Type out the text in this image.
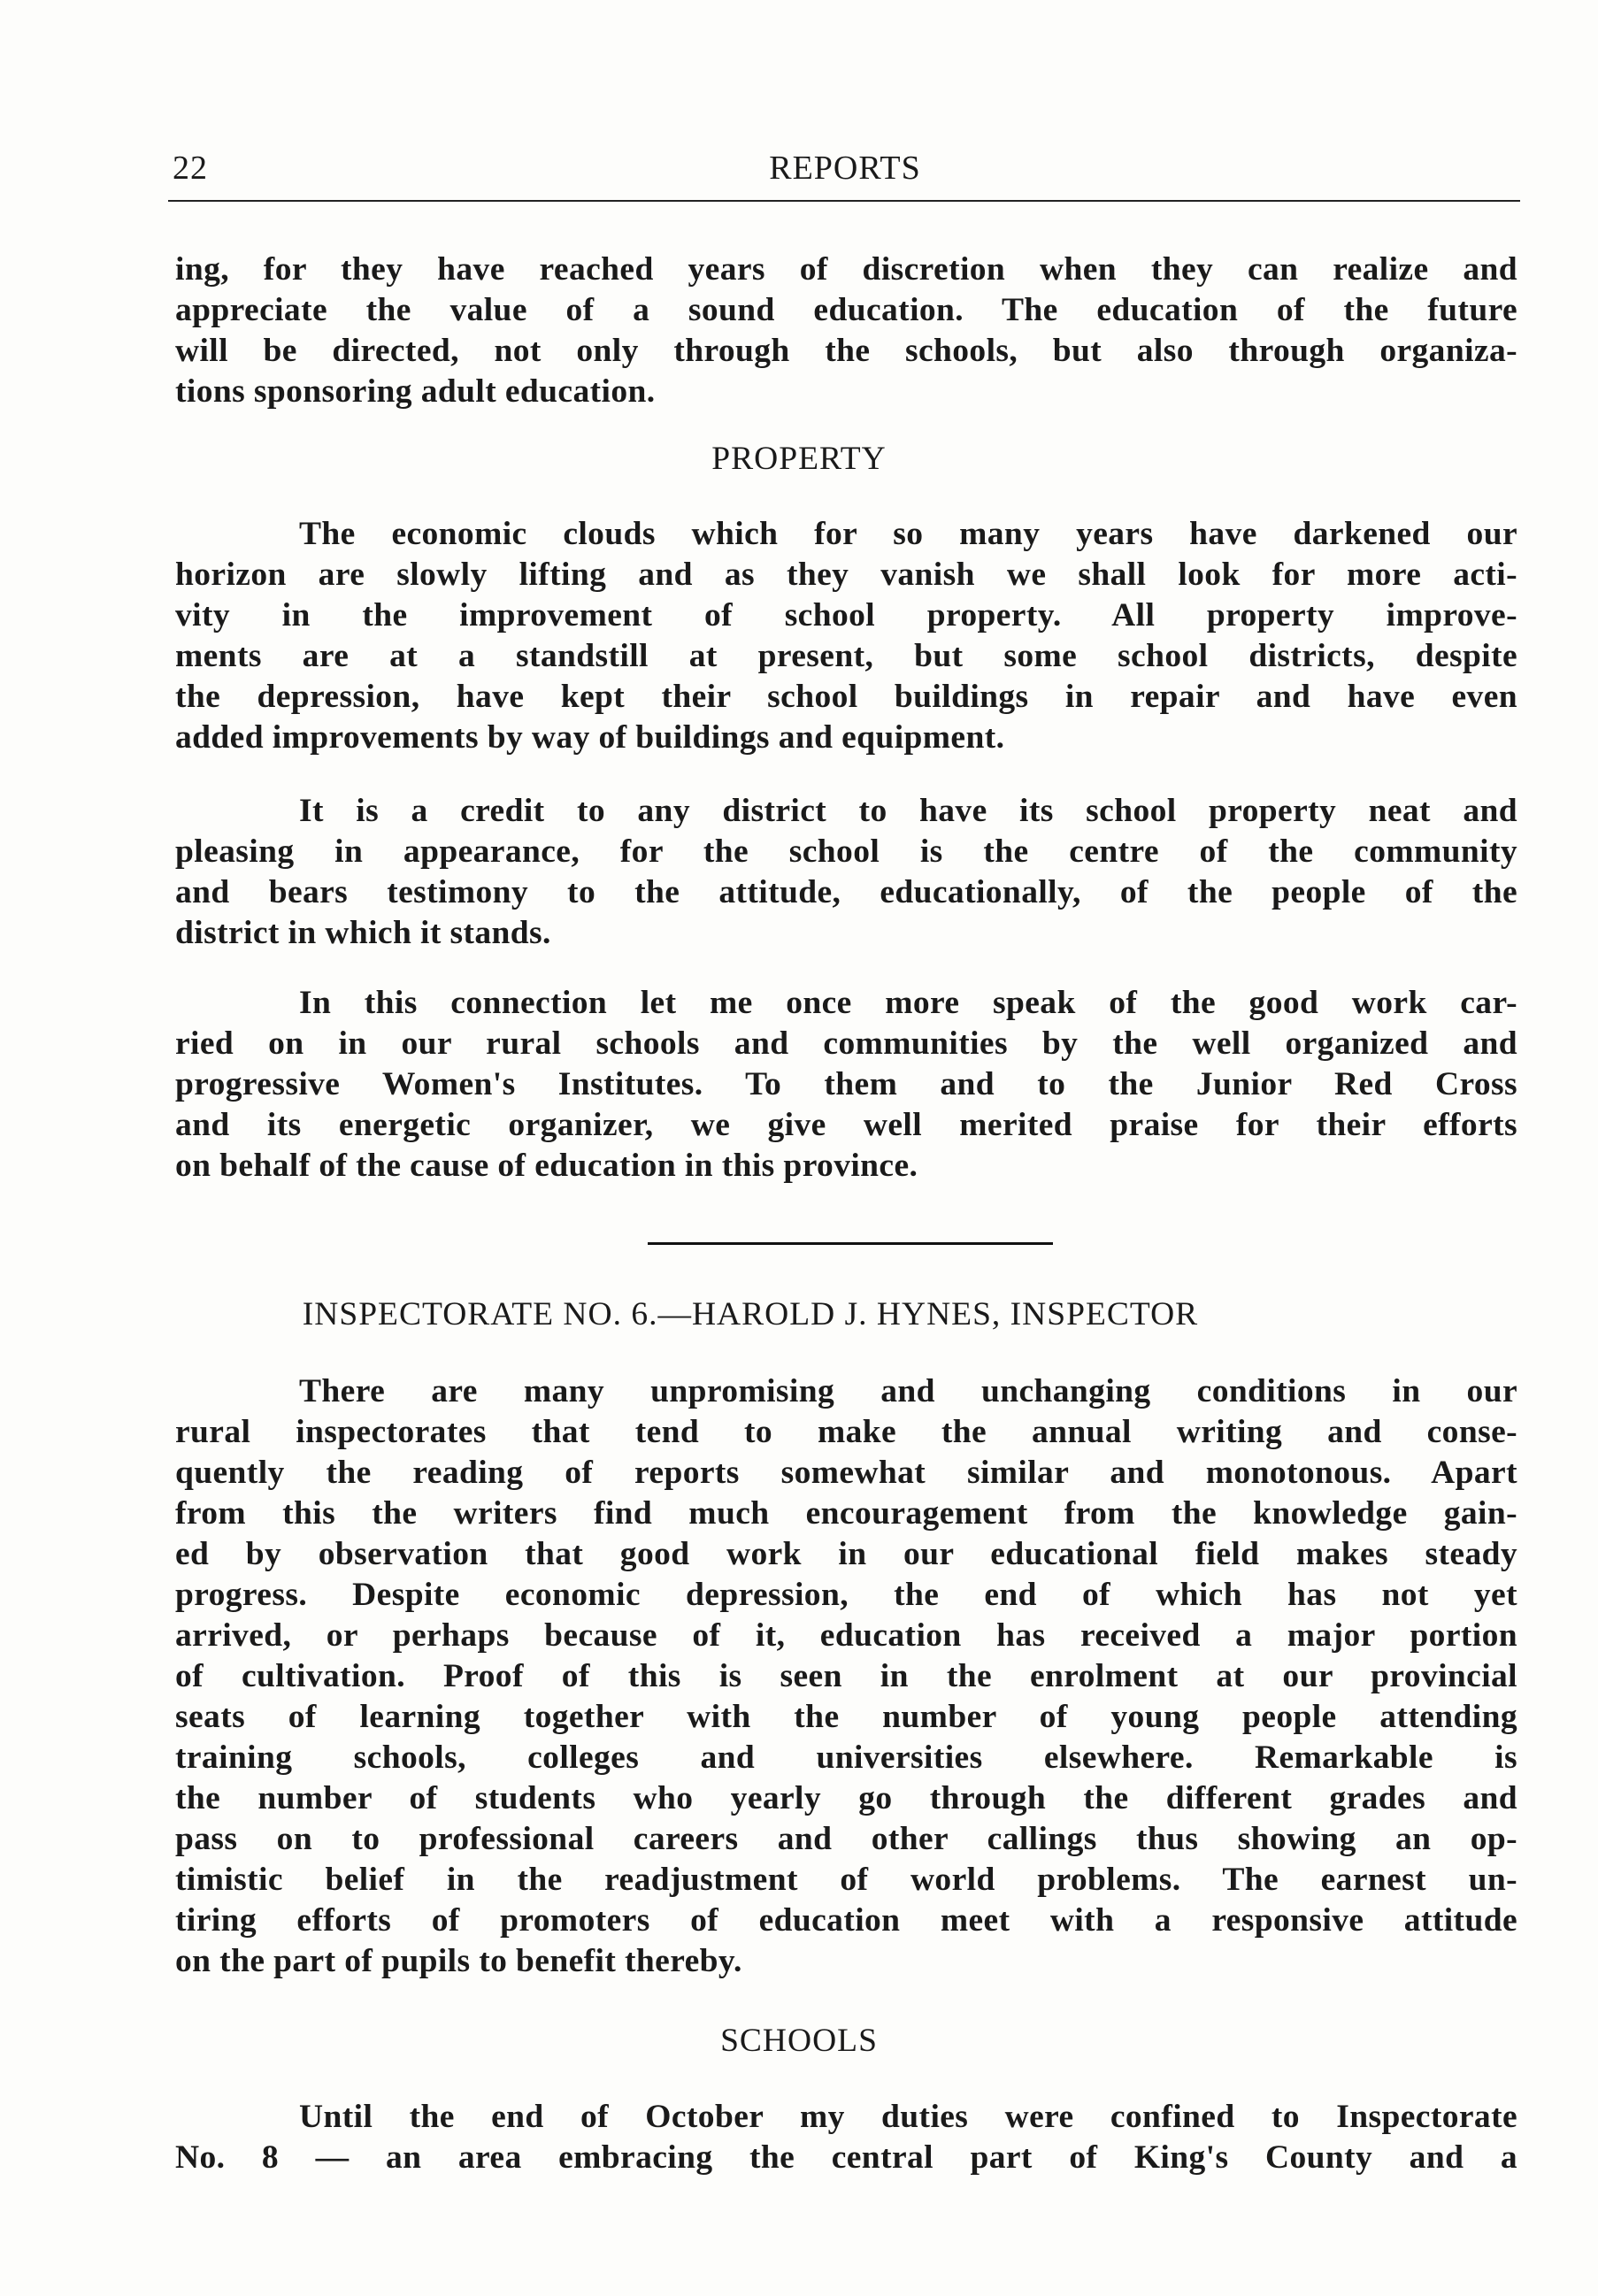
22	REPORTS

ing, for they have reached years of discretion when they can realize and
appreciate the value of a sound education. The education of the future
will be directed, not only through the schools, but also through organiza-
tions sponsoring adult education.

PROPERTY

The economic clouds which for so many years have darkened our
horizon are slowly lifting and as they vanish we shall look for more acti-
vity in the improvement of school property. All property improve-
ments are at a standstill at present, but some school districts, despite
the depression, have kept their school buildings in repair and have even
added improvements by way of buildings and equipment.

It is a credit to any district to have its school property neat and
pleasing in appearance, for the school is the centre of the community
and bears testimony to the attitude, educationally, of the people of the
district in which it stands.

In this connection let me once more speak of the good work car-
ried on in our rural schools and communities by the well organized and
progressive Women's Institutes. To them and to the Junior Red Cross
and its energetic organizer, we give well merited praise for their efforts
on behalf of the cause of education in this province.

INSPECTORATE NO. 6.—HAROLD J. HYNES, INSPECTOR

There are many unpromising and unchanging conditions in our
rural inspectorates that tend to make the annual writing and conse-
quently the reading of reports somewhat similar and monotonous. Apart
from this the writers find much encouragement from the knowledge gain-
ed by observation that good work in our educational field makes steady
progress. Despite economic depression, the end of which has not yet
arrived, or perhaps because of it, education has received a major portion
of cultivation. Proof of this is seen in the enrolment at our provincial
seats of learning together with the number of young people attending
training schools, colleges and universities elsewhere. Remarkable is
the number of students who yearly go through the different grades and
pass on to professional careers and other callings thus showing an op-
timistic belief in the readjustment of world problems. The earnest un-
tiring efforts of promoters of education meet with a responsive attitude
on the part of pupils to benefit thereby.

SCHOOLS

Until the end of October my duties were confined to Inspectorate
No. 8 — an area embracing the central part of King's County and a
